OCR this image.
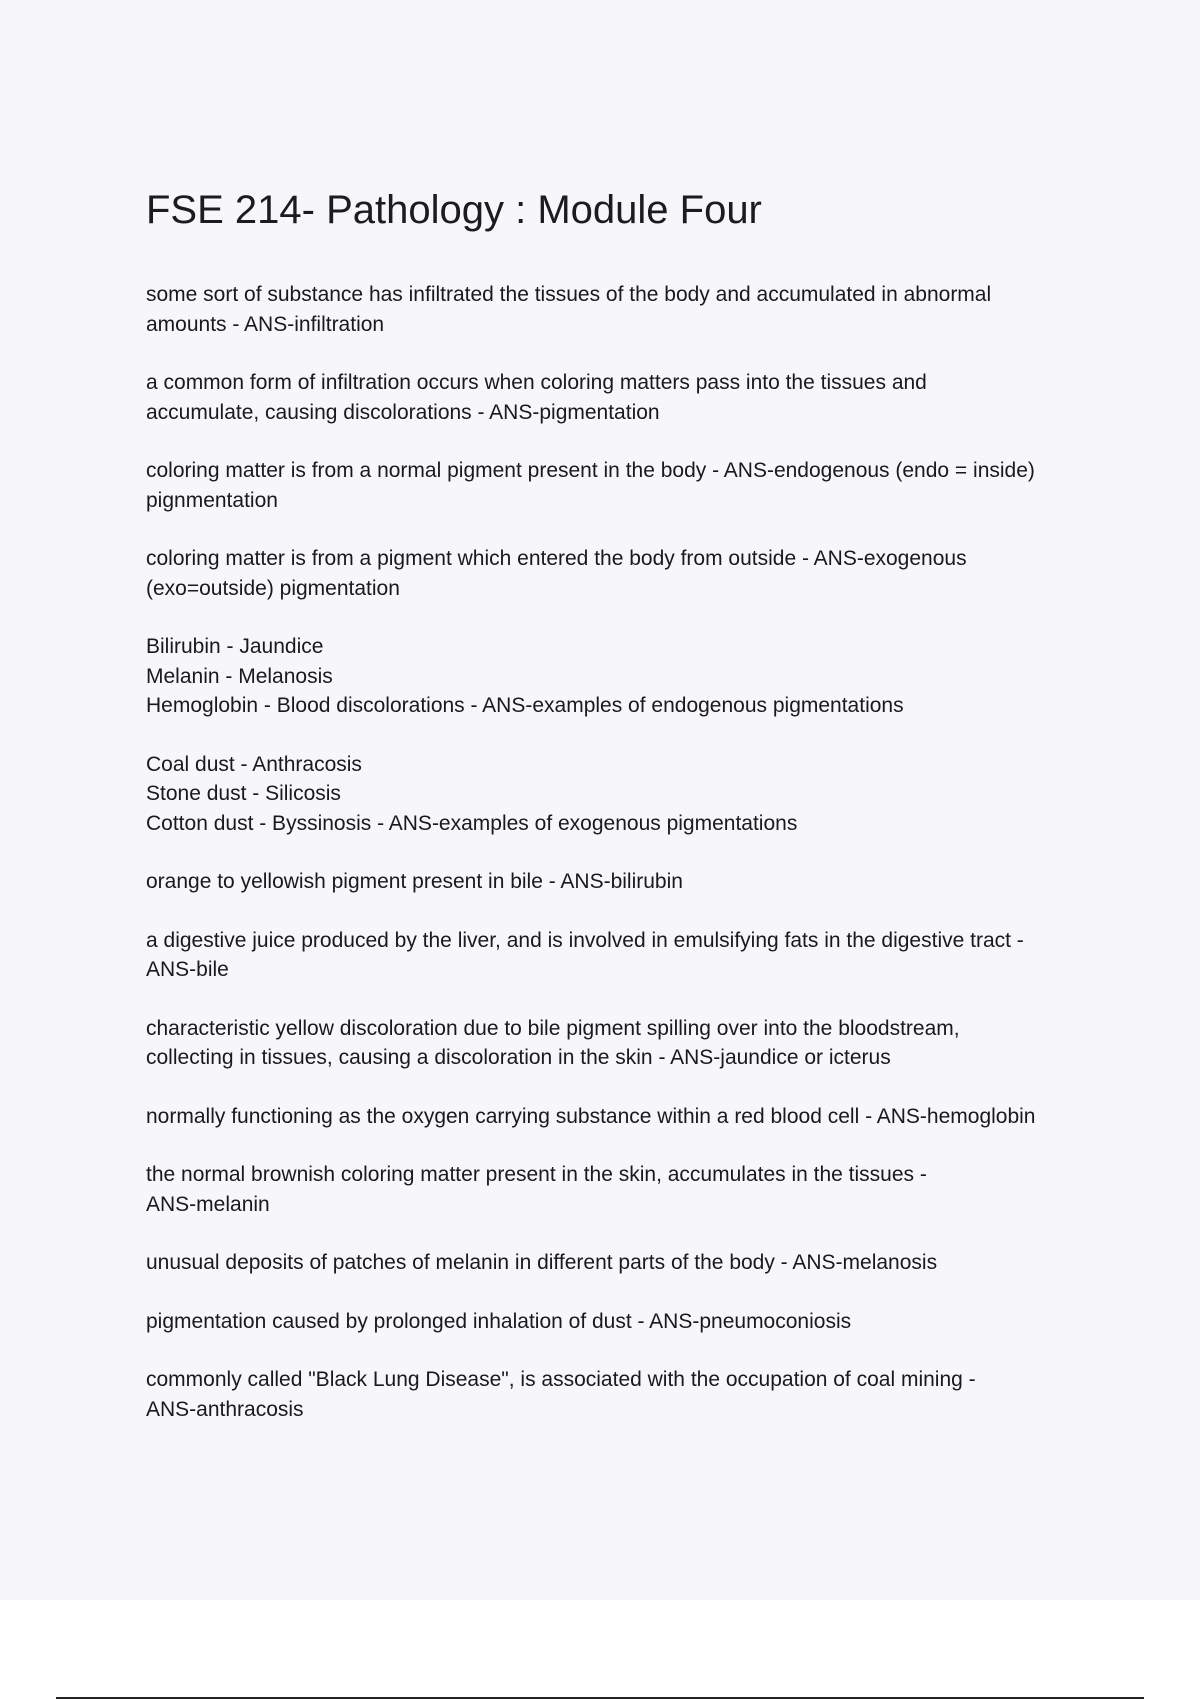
FSE 214- Pathology : Module Four

some sort of substance has infiltrated the tissues of the body and accumulated in abnormal
amounts - ANS-infiltration

a common form of infiltration occurs when coloring matters pass into the tissues and
accumulate, causing discolorations - ANS-pigmentation

coloring matter is from a normal pigment present in the body - ANS-endogenous (endo = inside)
pignmentation

coloring matter is from a pigment which entered the body from outside - ANS-exogenous
(exo=outside) pigmentation

Bilirubin - Jaundice
Melanin - Melanosis
Hemoglobin - Blood discolorations - ANS-examples of endogenous pigmentations

Coal dust - Anthracosis
Stone dust - Silicosis
Cotton dust - Byssinosis - ANS-examples of exogenous pigmentations

orange to yellowish pigment present in bile - ANS-bilirubin

a digestive juice produced by the liver, and is involved in emulsifying fats in the digestive tract -
ANS-bile

characteristic yellow discoloration due to bile pigment spilling over into the bloodstream,
collecting in tissues, causing a discoloration in the skin - ANS-jaundice or icterus

normally functioning as the oxygen carrying substance within a red blood cell - ANS-hemoglobin

the normal brownish coloring matter present in the skin, accumulates in the tissues -
ANS-melanin

unusual deposits of patches of melanin in different parts of the body - ANS-melanosis

pigmentation caused by prolonged inhalation of dust - ANS-pneumoconiosis

commonly called "Black Lung Disease", is associated with the occupation of coal mining -
ANS-anthracosis
